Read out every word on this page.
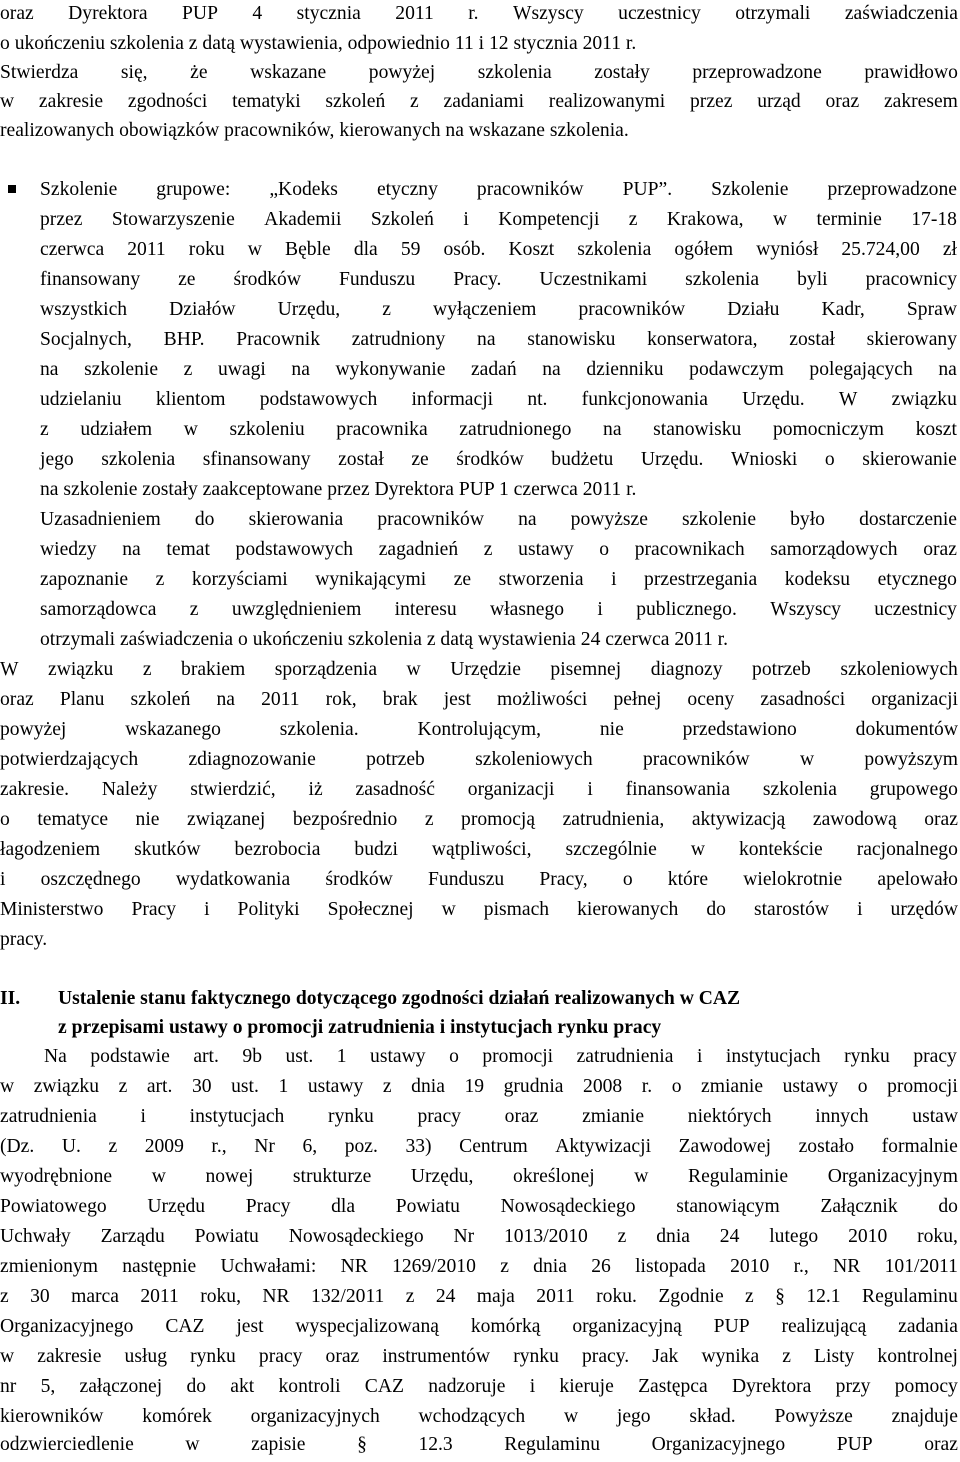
oraz Dyrektora PUP 4 stycznia 2011 r. Wszyscy uczestnicy otrzymali zaświadczenia
o ukończeniu szkolenia z datą wystawienia, odpowiednio 11 i 12 stycznia 2011 r.
Stwierdza się, że wskazane powyżej szkolenia zostały przeprowadzone prawidłowo
w zakresie zgodności tematyki szkoleń z zadaniami realizowanymi przez urząd oraz zakresem
realizowanych obowiązków pracowników, kierowanych na wskazane szkolenia.
Szkolenie grupowe: „Kodeks etyczny pracowników PUP”. Szkolenie przeprowadzone
przez Stowarzyszenie Akademii Szkoleń i Kompetencji z Krakowa, w terminie 17-18
czerwca 2011 roku w Bęble dla 59 osób. Koszt szkolenia ogółem wyniósł 25.724,00 zł
finansowany ze środków Funduszu Pracy. Uczestnikami szkolenia byli pracownicy
wszystkich Działów Urzędu, z wyłączeniem pracowników Działu Kadr, Spraw
Socjalnych, BHP. Pracownik zatrudniony na stanowisku konserwatora, został skierowany
na szkolenie z uwagi na wykonywanie zadań na dzienniku podawczym polegających na
udzielaniu klientom podstawowych informacji nt. funkcjonowania Urzędu. W związku
z udziałem w szkoleniu pracownika zatrudnionego na stanowisku pomocniczym koszt
jego szkolenia sfinansowany został ze środków budżetu Urzędu. Wnioski o skierowanie
na szkolenie zostały zaakceptowane przez Dyrektora PUP 1 czerwca 2011 r.
Uzasadnieniem do skierowania pracowników na powyższe szkolenie było dostarczenie
wiedzy na temat podstawowych zagadnień z ustawy o pracownikach samorządowych oraz
zapoznanie z korzyściami wynikającymi ze stworzenia i przestrzegania kodeksu etycznego
samorządowca z uwzględnieniem interesu własnego i publicznego. Wszyscy uczestnicy
otrzymali zaświadczenia o ukończeniu szkolenia z datą wystawienia 24 czerwca 2011 r.
W związku z brakiem sporządzenia w Urzędzie pisemnej diagnozy potrzeb szkoleniowych
oraz Planu szkoleń na 2011 rok, brak jest możliwości pełnej oceny zasadności organizacji
powyżej	wskazanego	szkolenia.	Kontrolującym,	nie	przedstawiono	dokumentów
potwierdzających	zdiagnozowanie	potrzeb	szkoleniowych	pracowników	w	powyższym
zakresie. Należy stwierdzić, iż zasadność organizacji i finansowania szkolenia grupowego
o tematyce nie związanej bezpośrednio z promocją zatrudnienia, aktywizacją zawodową oraz
łagodzeniem skutków bezrobocia budzi wątpliwości, szczególnie w kontekście racjonalnego
i oszczędnego wydatkowania środków Funduszu Pracy, o które wielokrotnie apelowało
Ministerstwo Pracy i Polityki Społecznej w pismach kierowanych do starostów i urzędów
pracy.
II. Ustalenie stanu faktycznego dotyczącego zgodności działań realizowanych w CAZ
z przepisami ustawy o promocji zatrudnienia i instytucjach rynku pracy
Na podstawie art. 9b ust. 1 ustawy o promocji zatrudnienia i instytucjach rynku pracy
w związku z art. 30 ust. 1 ustawy z dnia 19 grudnia 2008 r. o zmianie ustawy o promocji
zatrudnienia i instytucjach rynku pracy oraz zmianie niektórych innych ustaw
(Dz. U. z 2009 r., Nr 6, poz. 33) Centrum Aktywizacji Zawodowej zostało formalnie
wyodrębnione w nowej strukturze Urzędu, określonej w Regulaminie Organizacyjnym
Powiatowego Urzędu Pracy dla Powiatu Nowosądeckiego stanowiącym Załącznik do
Uchwały Zarządu Powiatu Nowosądeckiego Nr 1013/2010 z dnia 24 lutego 2010 roku,
zmienionym następnie Uchwałami: NR 1269/2010 z dnia 26 listopada 2010 r., NR 101/2011
z 30 marca 2011 roku, NR 132/2011 z 24 maja 2011 roku. Zgodnie z § 12.1 Regulaminu
Organizacyjnego CAZ jest wyspecjalizowaną komórką organizacyjną PUP realizującą zadania
w zakresie usług rynku pracy oraz instrumentów rynku pracy. Jak wynika z Listy kontrolnej
nr 5, załączonej do akt kontroli CAZ nadzoruje i kieruje Zastępca Dyrektora przy pomocy
kierowników komórek organizacyjnych wchodzących w jego skład. Powyższe znajduje
odzwierciedlenie	w	zapisie	§	12.3	Regulaminu	Organizacyjnego	PUP	oraz
